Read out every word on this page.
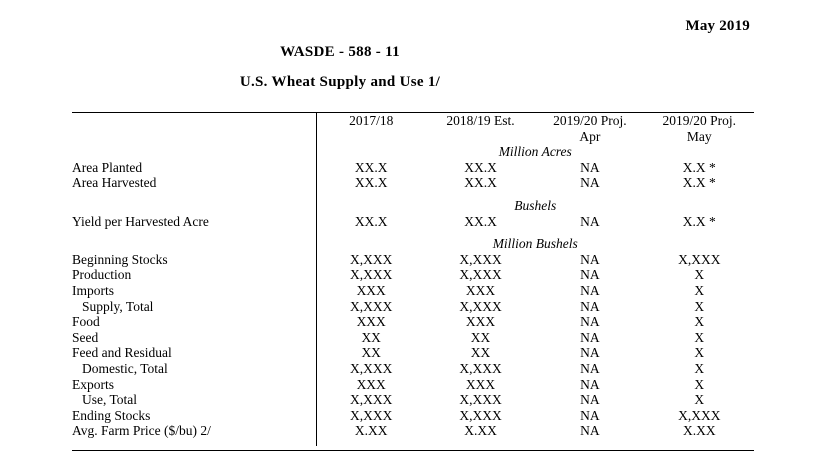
May 2019
WASDE - 588 - 11
U.S. Wheat Supply and Use 1/
	2017/18	2018/19 Est.	2019/20 Proj.	2019/20 Proj.
			Apr	May
	Million Acres			
Area Planted	XX.X	XX.X	NA	X.X *
Area Harvested	XX.X	XX.X	NA	X.X *

	Bushels			
Yield per Harvested Acre	XX.X	XX.X	NA	X.X *

	Million Bushels			
Beginning Stocks	X,XXX	X,XXX	NA	X,XXX
Production	X,XXX	X,XXX	NA	X
Imports	XXX	XXX	NA	X
Supply, Total	X,XXX	X,XXX	NA	X
Food	XXX	XXX	NA	X
Seed	XX	XX	NA	X
Feed and Residual	XX	XX	NA	X
Domestic, Total	X,XXX	X,XXX	NA	X
Exports	XXX	XXX	NA	X
Use, Total	X,XXX	X,XXX	NA	X
Ending Stocks	X,XXX	X,XXX	NA	X,XXX
Avg. Farm Price ($/bu) 2/	X.XX	X.XX	NA	X.XX
